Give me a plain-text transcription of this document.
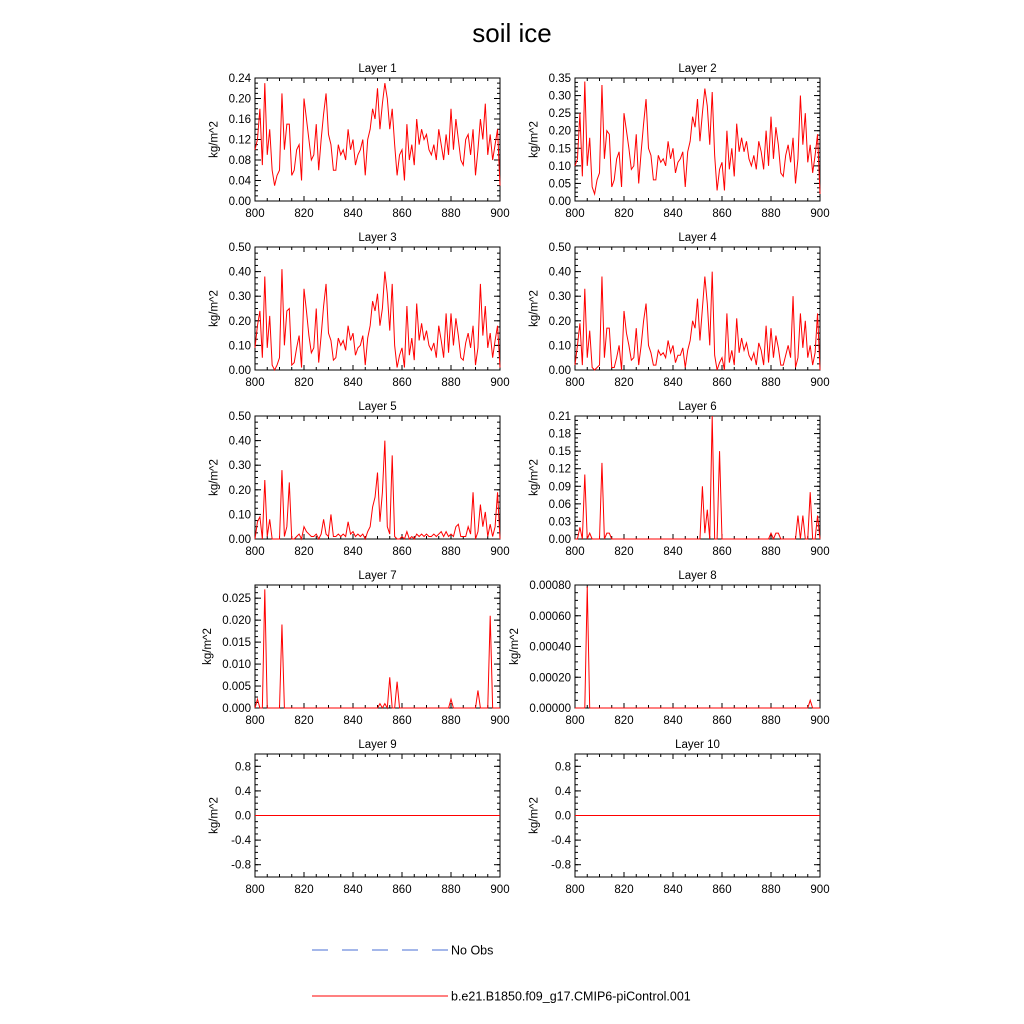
soil ice
Layer 1
800	820	840	860	880	900
0.00
0.04
0.08
0.12
0.16
0.20
0.24
kg/m^2
Layer 2
800	820	840	860	880	900
0.00
0.05
0.10
0.15
0.20
0.25
0.30
0.35
kg/m^2
Layer 3
800	820	840	860	880	900
0.00
0.10
0.20
0.30
0.40
0.50
kg/m^2
Layer 4
800	820	840	860	880	900
0.00
0.10
0.20
0.30
0.40
0.50
kg/m^2
Layer 5
800	820	840	860	880	900
0.00
0.10
0.20
0.30
0.40
0.50
kg/m^2
Layer 6
800	820	840	860	880	900
0.00
0.03
0.06
0.09
0.12
0.15
0.18
0.21
kg/m^2
Layer 7
800	820	840	860	880	900
0.000
0.005
0.010
0.015
0.020
0.025
kg/m^2
Layer 8
800	820	840	860	880	900
0.00000
0.00020
0.00040
0.00060
0.00080
kg/m^2
Layer 9
800	820	840	860	880	900
-0.8
-0.4
0.0
0.4
0.8
kg/m^2
Layer 10
800	820	840	860	880	900
-0.8
-0.4
0.0
0.4
0.8
kg/m^2
No Obs
b.e21.B1850.f09_g17.CMIP6-piControl.001
